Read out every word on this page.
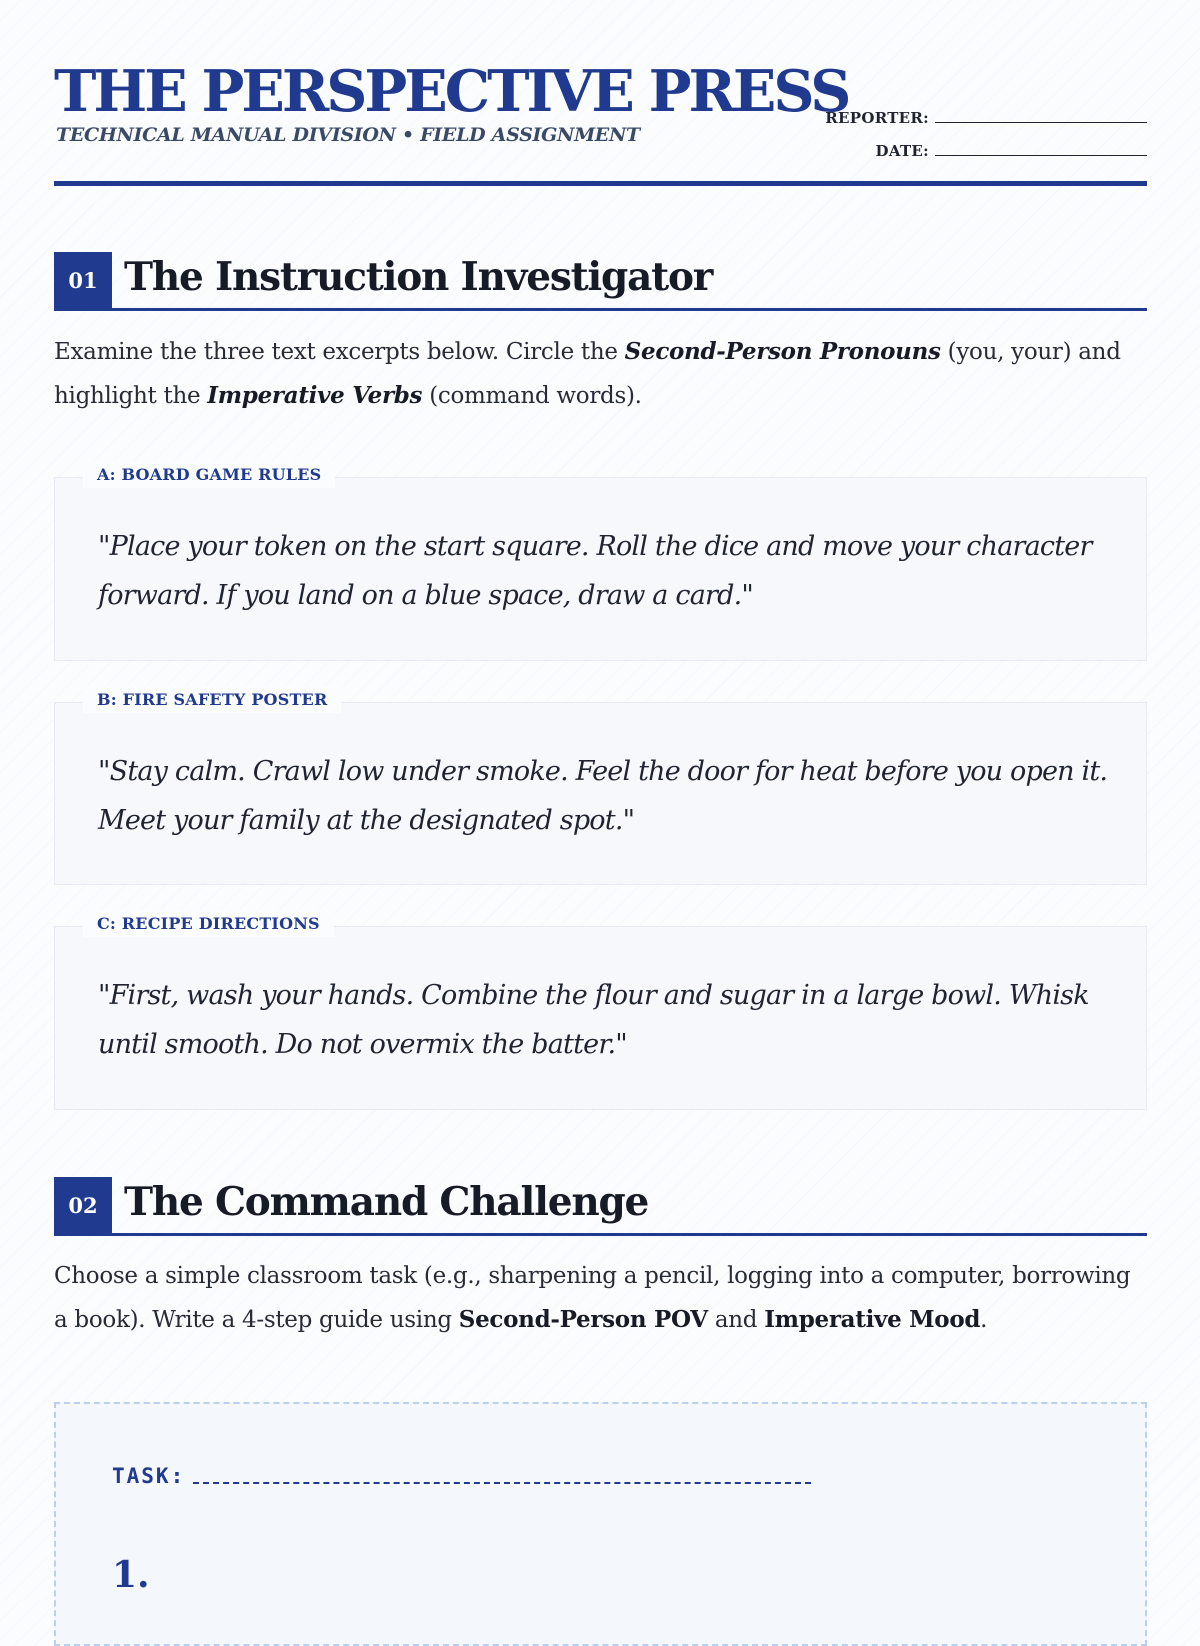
THE PERSPECTIVE PRESS
TECHNICAL MANUAL DIVISION • FIELD ASSIGNMENT
REPORTER:
DATE:
01 The Instruction Investigator

Examine the three text excerpts below. Circle the Second-Person Pronouns (you, your) and highlight the Imperative Verbs (command words).

A: BOARD GAME RULES

"Place your token on the start square. Roll the dice and move your character forward. If you land on a blue space, draw a card."

B: FIRE SAFETY POSTER

"Stay calm. Crawl low under smoke. Feel the door for heat before you open it. Meet your family at the designated spot."

C: RECIPE DIRECTIONS

"First, wash your hands. Combine the flour and sugar in a large bowl. Whisk until smooth. Do not overmix the batter."

02 The Command Challenge

Choose a simple classroom task (e.g., sharpening a pencil, logging into a computer, borrowing a book). Write a 4-step guide using Second-Person POV and Imperative Mood.

TASK:
1.
